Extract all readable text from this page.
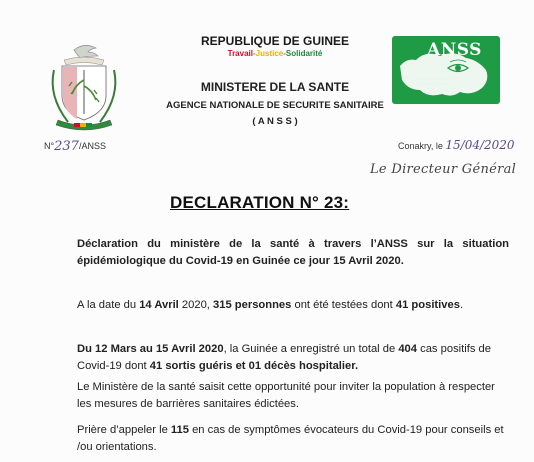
N°237/ANSS
REPUBLIQUE DE GUINEE
Travail-Justice-Solidarité
MINISTERE DE LA SANTE
AGENCE NATIONALE DE SECURITE SANITAIRE
( A N S S )
ANSS
Agence Nationale de Sécurité Sanitaire
Conakry, le 15/04/2020
Le Directeur Général
DECLARATION N° 23:
Déclaration du ministère de la santé à travers l’ANSS sur la situation épidémiologique du Covid-19 en Guinée ce jour 15 Avril 2020.
A la date du 14 Avril 2020, 315 personnes ont été testées dont 41 positives.
Du 12 Mars au 15 Avril 2020, la Guinée a enregistré un total de 404 cas positifs de Covid-19 dont 41 sortis guéris et 01 décès hospitalier.
Le Ministère de la santé saisit cette opportunité pour inviter la population à respecter les mesures de barrières sanitaires édictées.
Prière d’appeler le 115 en cas de symptômes évocateurs du Covid-19 pour conseils et /ou orientations.
